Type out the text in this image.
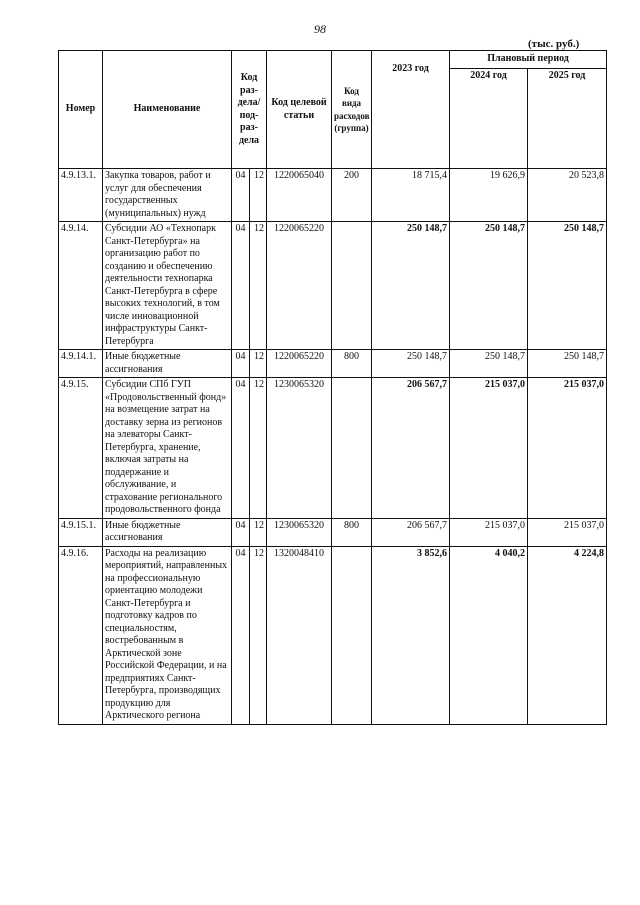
98
(тыс. руб.)
Номер	Наименование	Код раз-дела/ под-раз-дела		Код целевой статьи	Код вида расходов (группа)	2023 год	Плановый период	
							2024 год	2025 год
4.9.13.1.	Закупка товаров, работ и услуг для обеспечения государственных (муниципальных) нужд	04	12	1220065040	200	18 715,4	19 626,9	20 523,8
4.9.14.	Субсидии АО «Технопарк Санкт-Петербурга» на организацию работ по созданию и обеспечению деятельности технопарка Санкт-Петербурга в сфере высоких технологий, в том числе инновационной инфраструктуры Санкт-Петербурга	04	12	1220065220		250 148,7	250 148,7	250 148,7
4.9.14.1.	Иные бюджетные ассигнования	04	12	1220065220	800	250 148,7	250 148,7	250 148,7
4.9.15.	Субсидии СПб ГУП «Продовольственный фонд» на возмещение затрат на доставку зерна из регионов на элеваторы Санкт-Петербурга, хранение, включая затраты на поддержание и обслуживание, и страхование регионального продовольственного фонда	04	12	1230065320		206 567,7	215 037,0	215 037,0
4.9.15.1.	Иные бюджетные ассигнования	04	12	1230065320	800	206 567,7	215 037,0	215 037,0
4.9.16.	Расходы на реализацию мероприятий, направленных на профессиональную ориентацию молодежи Санкт-Петербурга и подготовку кадров по специальностям, востребованным в Арктической зоне Российской Федерации, и на предприятиях Санкт-Петербурга, производящих продукцию для Арктического региона	04	12	1320048410		3 852,6	4 040,2	4 224,8
